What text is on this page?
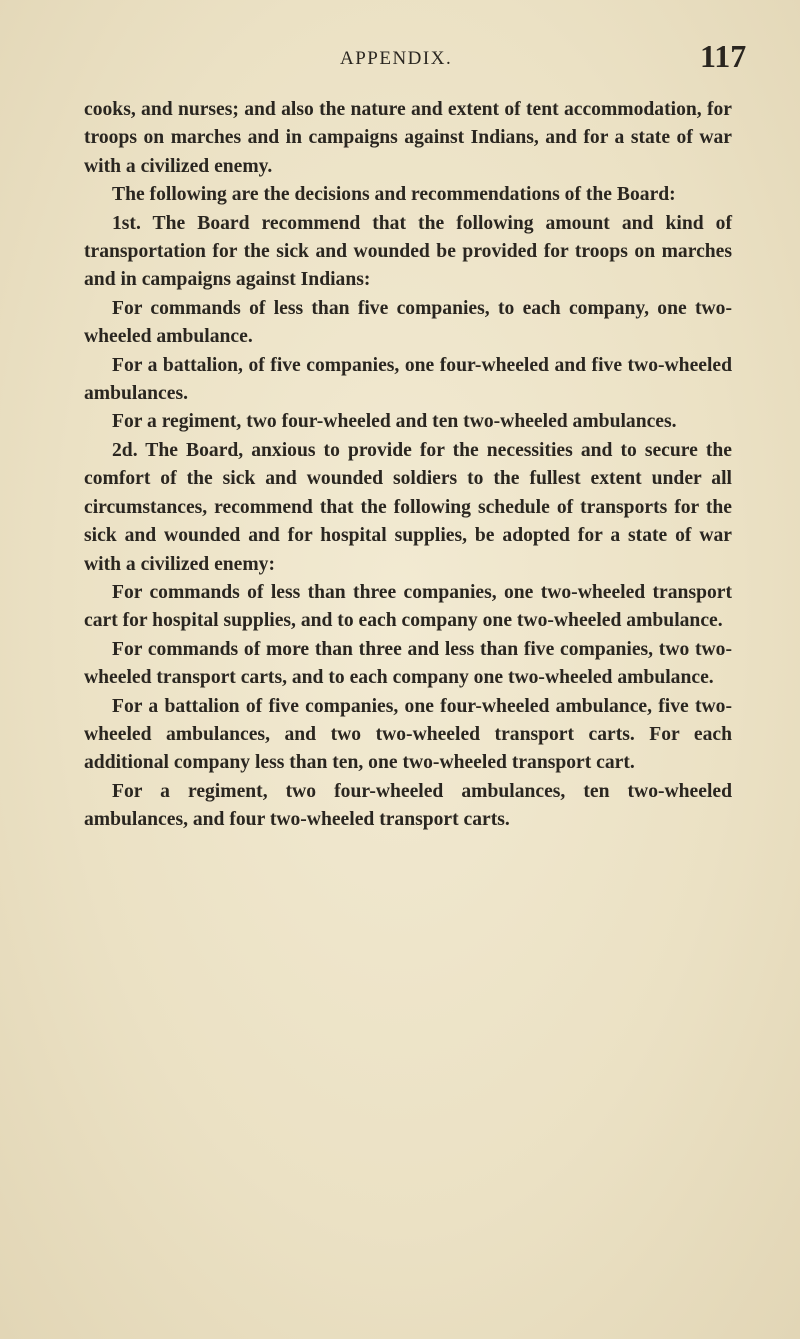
APPENDIX.	117

cooks, and nurses; and also the nature and extent of tent accommodation, for troops on marches and in campaigns against Indians, and for a state of war with a civilized enemy.

The following are the decisions and recommendations of the Board:

1st. The Board recommend that the following amount and kind of transportation for the sick and wounded be provided for troops on marches and in campaigns against Indians:

For commands of less than five companies, to each company, one two-wheeled ambulance.

For a battalion, of five companies, one four-wheeled and five two-wheeled ambulances.

For a regiment, two four-wheeled and ten two-wheeled ambulances.

2d. The Board, anxious to provide for the necessities and to secure the comfort of the sick and wounded soldiers to the fullest extent under all circumstances, recommend that the following schedule of transports for the sick and wounded and for hospital supplies, be adopted for a state of war with a civilized enemy:

For commands of less than three companies, one two-wheeled transport cart for hospital supplies, and to each company one two-wheeled ambulance.

For commands of more than three and less than five companies, two two-wheeled transport carts, and to each company one two-wheeled ambulance.

For a battalion of five companies, one four-wheeled ambulance, five two-wheeled ambulances, and two two-wheeled transport carts. For each additional company less than ten, one two-wheeled transport cart.

For a regiment, two four-wheeled ambulances, ten two-wheeled ambulances, and four two-wheeled transport carts.
